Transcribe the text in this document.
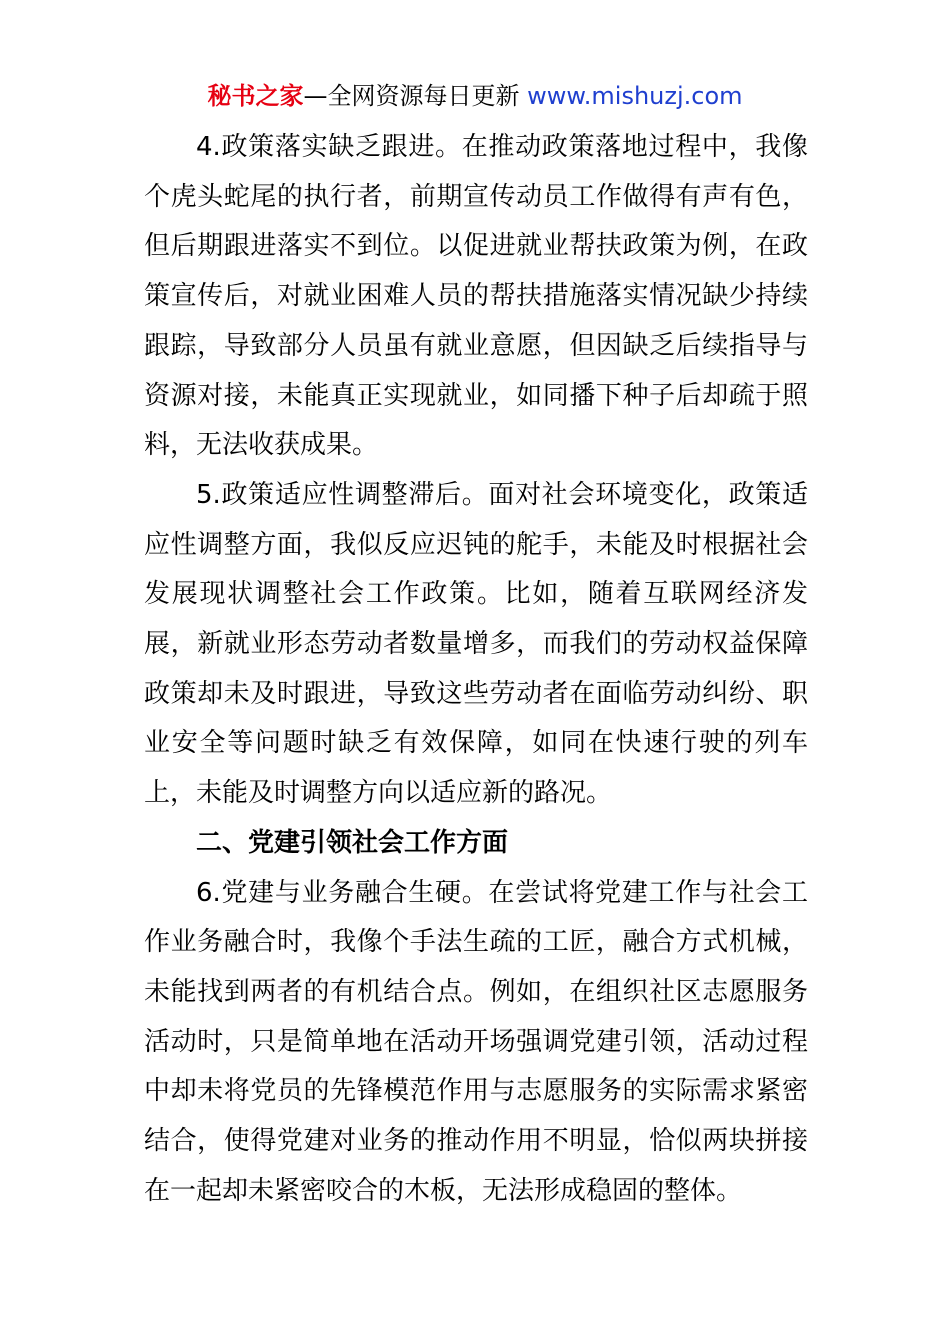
秘书之家—全网资源每日更新 www.mishuzj.com

4.政策落实缺乏跟进。在推动政策落地过程中，我像个虎头蛇尾的执行者，前期宣传动员工作做得有声有色，但后期跟进落实不到位。以促进就业帮扶政策为例，在政策宣传后，对就业困难人员的帮扶措施落实情况缺少持续跟踪，导致部分人员虽有就业意愿，但因缺乏后续指导与资源对接，未能真正实现就业，如同播下种子后却疏于照料，无法收获成果。

5.政策适应性调整滞后。面对社会环境变化，政策适应性调整方面，我似反应迟钝的舵手，未能及时根据社会发展现状调整社会工作政策。比如，随着互联网经济发展，新就业形态劳动者数量增多，而我们的劳动权益保障政策却未及时跟进，导致这些劳动者在面临劳动纠纷、职业安全等问题时缺乏有效保障，如同在快速行驶的列车上，未能及时调整方向以适应新的路况。

二、党建引领社会工作方面

6.党建与业务融合生硬。在尝试将党建工作与社会工作业务融合时，我像个手法生疏的工匠，融合方式机械，未能找到两者的有机结合点。例如，在组织社区志愿服务活动时，只是简单地在活动开场强调党建引领，活动过程中却未将党员的先锋模范作用与志愿服务的实际需求紧密结合，使得党建对业务的推动作用不明显，恰似两块拼接在一起却未紧密咬合的木板，无法形成稳固的整体。
